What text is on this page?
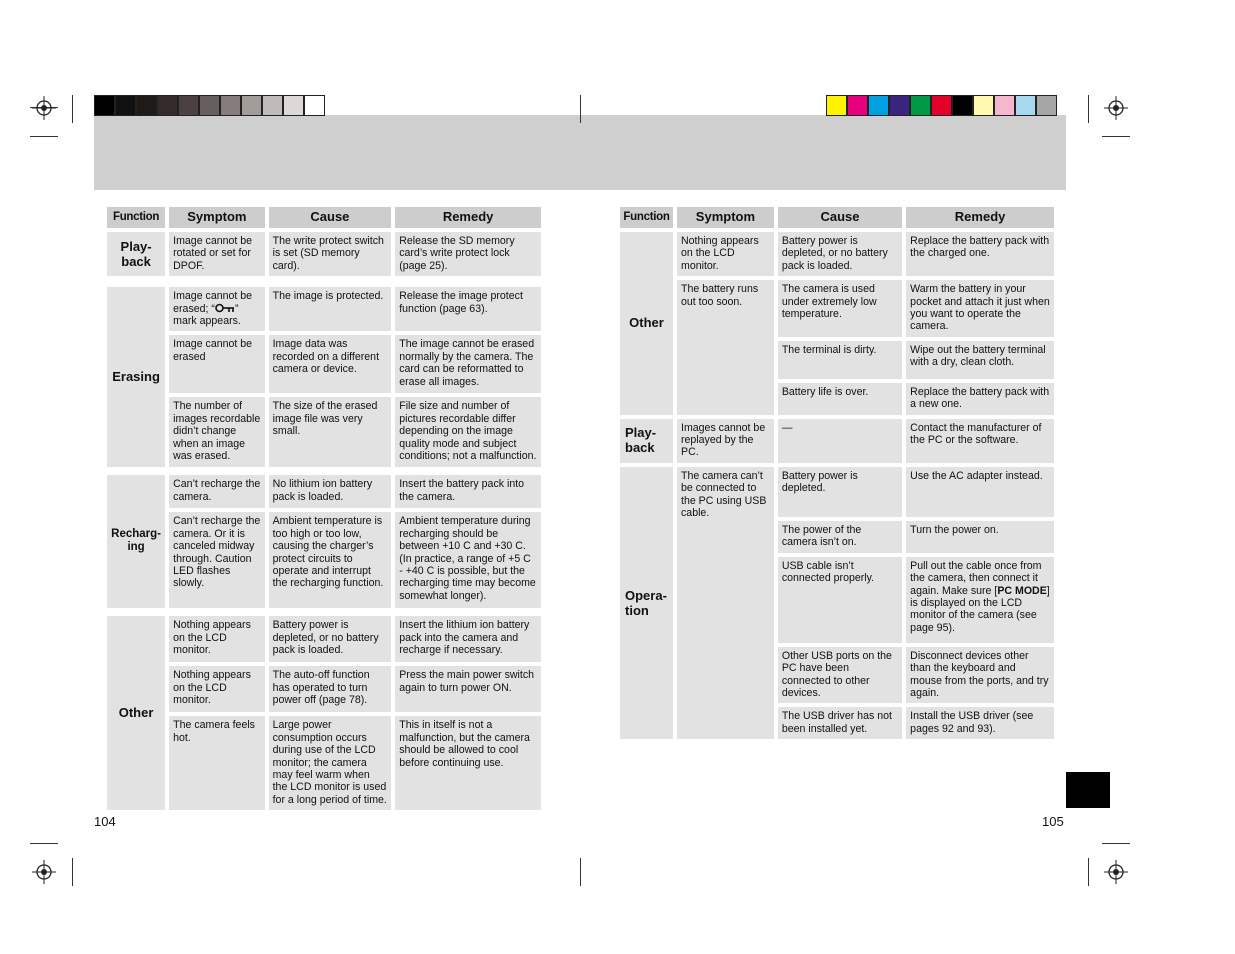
Function	Symptom	Cause	Remedy
Play-
back	Image cannot be rotated or set for DPOF.	The write protect switch is set (SD memory card).	Release the SD memory card’s write protect lock (page 25).

Erasing	Image cannot be erased; “ ” mark appears.	The image is protected.	Release the image protect function (page 63).
	Image cannot be erased	Image data was recorded on a different camera or device.	The image cannot be erased normally by the camera. The card can be reformatted to erase all images.
	The number of images recordable didn’t change when an image was erased.	The size of the erased image file was very small.	File size and number of pictures recordable differ depending on the image quality mode and subject conditions; not a malfunction.

Recharg-
ing	Can’t recharge the camera.	No lithium ion battery pack is loaded.	Insert the battery pack into the camera.
	Can’t recharge the camera. Or it is canceled midway through. Caution LED flashes slowly.	Ambient temperature is too high or too low, causing the charger’s protect circuits to operate and interrupt the recharging function.	Ambient temperature during recharging should be between +10 C and +30 C. (In practice, a range of +5 C - +40 C is possible, but the recharging time may become somewhat longer).

Other	Nothing appears on the LCD monitor.	Battery power is depleted, or no battery pack is loaded.	Insert the lithium ion battery pack into the camera and recharge if necessary.
	Nothing appears on the LCD monitor.	The auto-off function has operated to turn power off (page 78).	Press the main power switch again to turn power ON.
	The camera feels hot.	Large power consumption occurs during use of the LCD monitor; the camera may feel warm when the LCD monitor is used for a long period of time.	This in itself is not a malfunction, but the camera should be allowed to cool before continuing use.
Function	Symptom	Cause	Remedy
Other	Nothing appears on the LCD monitor.	Battery power is depleted, or no battery pack is loaded.	Replace the battery pack with the charged one.
	The battery runs out too soon.	The camera is used under extremely low temperature.	Warm the battery in your pocket and attach it just when you want to operate the camera.
		The terminal is dirty.	Wipe out the battery terminal with a dry, clean cloth.
		Battery life is over.	Replace the battery pack with a new one.
Play-
back	Images cannot be replayed by the PC.	—	Contact the manufacturer of the PC or the software.
Opera-
tion	The camera can’t be connected to the PC using USB cable.	Battery power is depleted.	Use the AC adapter instead.
		The power of the camera isn’t on.	Turn the power on.
		USB cable isn’t connected properly.	Pull out the cable once from the camera, then connect it again. Make sure [PC MODE] is displayed on the LCD monitor of the camera (see page 95).
		Other USB ports on the PC have been connected to other devices.	Disconnect devices other than the keyboard and mouse from the ports, and try again.
		The USB driver has not been installed yet.	Install the USB driver (see pages 92 and 93).
104	105
